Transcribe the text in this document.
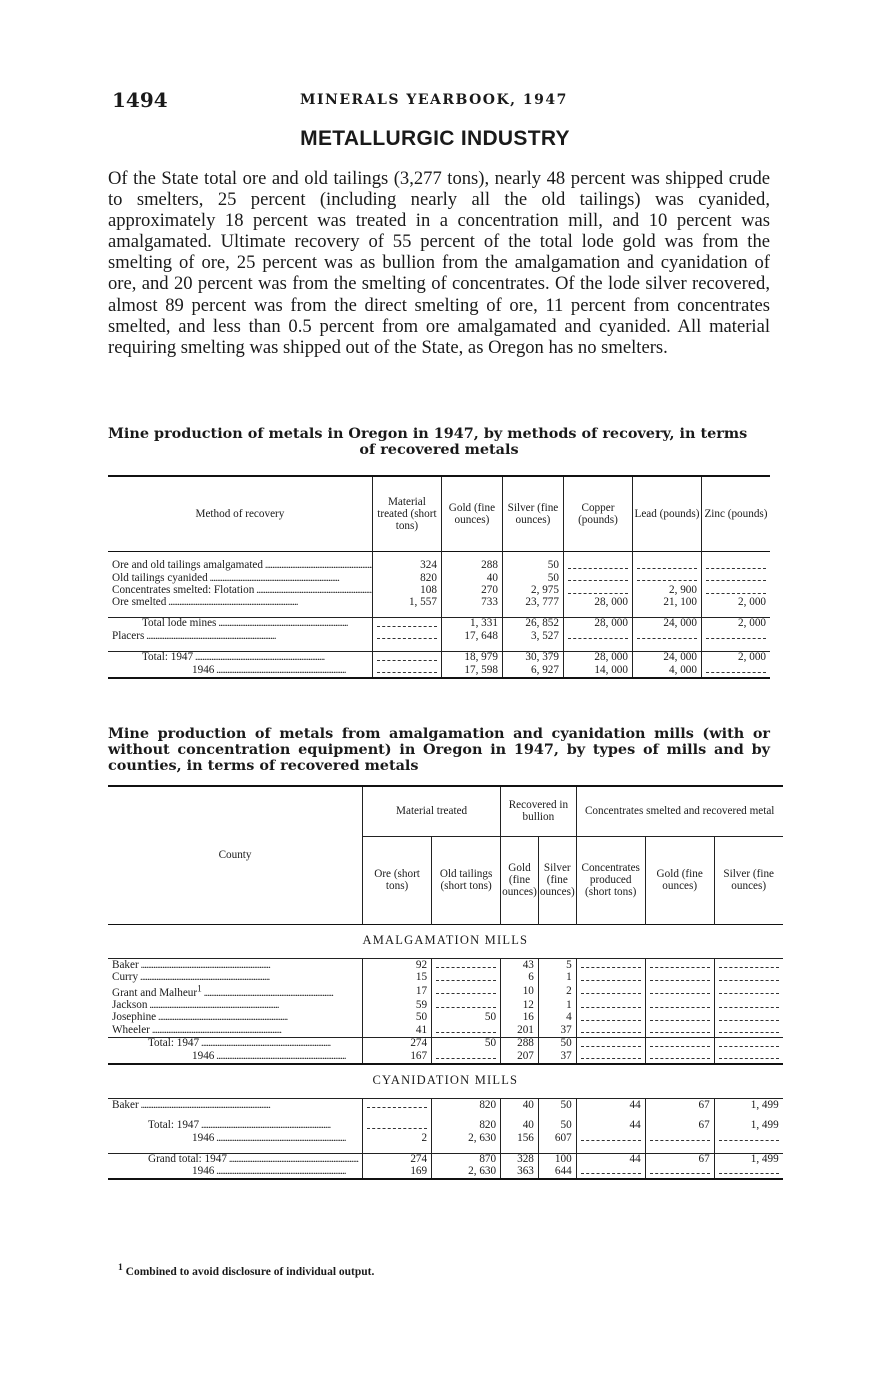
1494	MINERALS YEARBOOK, 1947
METALLURGIC INDUSTRY
Of the State total ore and old tailings (3,277 tons), nearly 48 percent was shipped crude to smelters, 25 percent (including nearly all the old tailings) was cyanided, approximately 18 percent was treated in a concentration mill, and 10 percent was amalgamated. Ultimate recovery of 55 percent of the total lode gold was from the smelting of ore, 25 percent was as bullion from the amalgamation and cyanidation of ore, and 20 percent was from the smelting of concentrates. Of the lode silver recovered, almost 89 percent was from the direct smelting of ore, 11 percent from concentrates smelted, and less than 0.5 percent from ore amalgamated and cyanided. All material requiring smelting was shipped out of the State, as Oregon has no smelters.
Mine production of metals in Oregon in 1947, by methods of recovery, in terms
of recovered metals
Method of recovery	Material treated (short tons)	Gold (fine ounces)	Silver (fine ounces)	Copper (pounds)	Lead (pounds)	Zinc (pounds)

Ore and old tailings amalgamated .....	324	288	50			
Old tailings cyanided .....	820	40	50			
Concentrates smelted: Flotation .....	108	270	2, 975		2, 900	
Ore smelted .....	1, 557	733	23, 777	28, 000	21, 100	2, 000

Total lode mines .....		1, 331	26, 852	28, 000	24, 000	2, 000
Placers .....		17, 648	3, 527			

Total: 1947 .....		18, 979	30, 379	28, 000	24, 000	2, 000
1946 .....		17, 598	6, 927	14, 000	4, 000	
Mine production of metals from amalgamation and cyanidation mills (with or without concentration equipment) in Oregon in 1947, by types of mills and by counties, in terms of recovered metals
County	Material treated		Recovered in bullion		Concentrates smelted and recovered metal		
	Ore (short tons)	Old tailings (short tons)	Gold (fine ounces)	Silver (fine ounces)	Concentrates produced (short tons)	Gold (fine ounces)	Silver (fine ounces)
AMALGAMATION MILLS							
Baker .....	92		43	5			
Curry .....	15		6	1			
Grant and Malheur$^1$ .....	17		10	2			
Jackson .....	59		12	1			
Josephine .....	50	50	16	4			
Wheeler .....	41		201	37			
Total: 1947 .....	274	50	288	50			
1946 .....	167		207	37			
CYANIDATION MILLS							
Baker .....		820	40	50	44	67	1, 499

Total: 1947 .....		820	40	50	44	67	1, 499
1946 .....	2	2, 630	156	607			

Grand total: 1947 .....	274	870	328	100	44	67	1, 499
1946 .....	169	2, 630	363	644			
$^1$ Combined to avoid disclosure of individual output.
